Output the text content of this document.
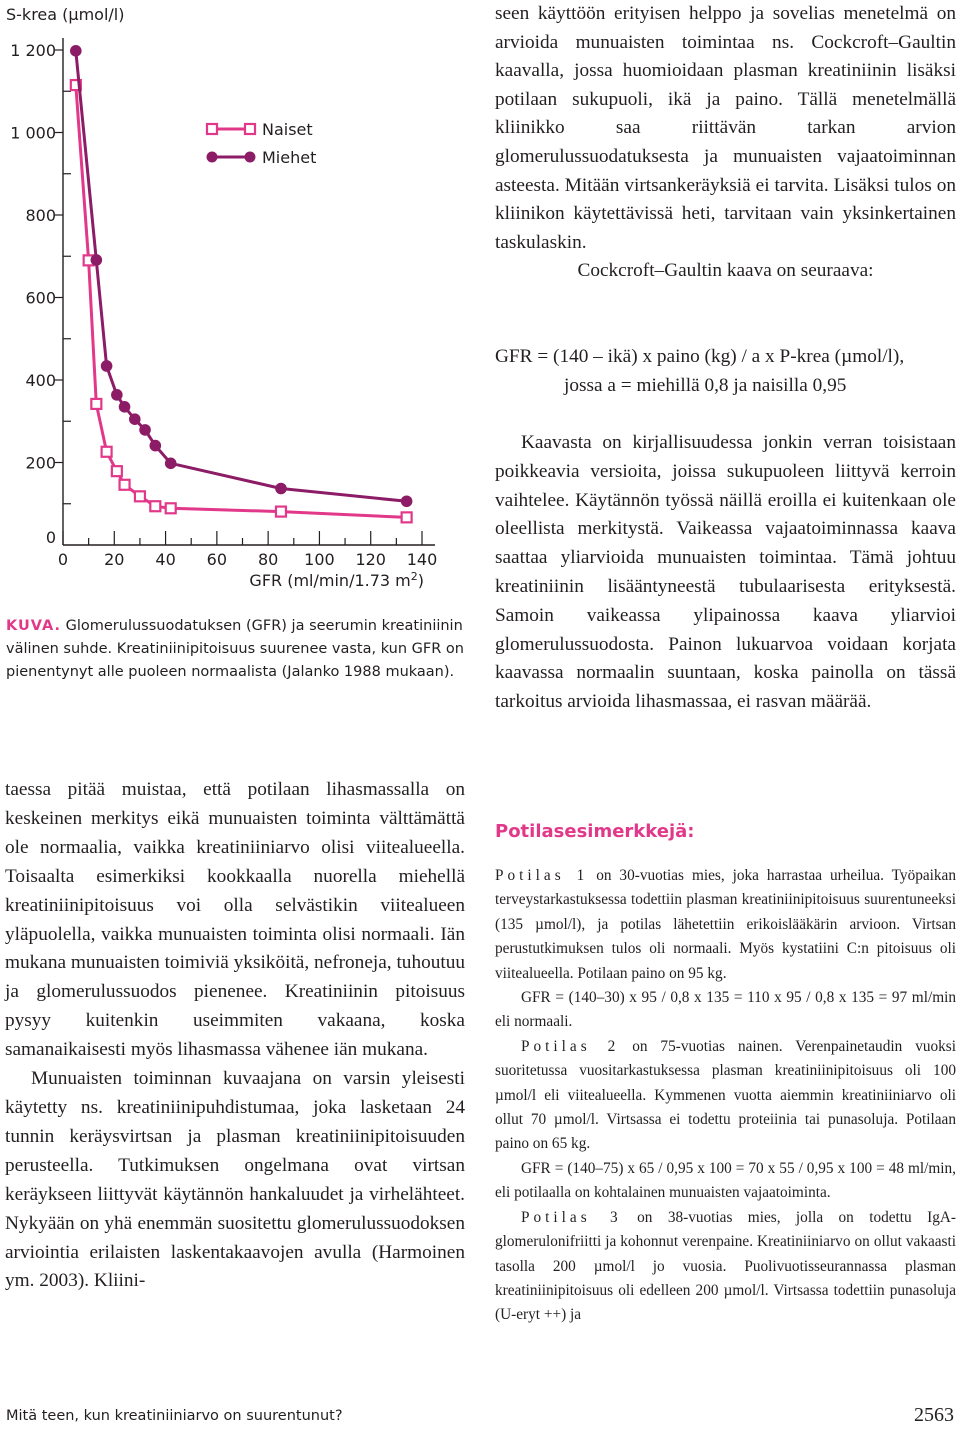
S-krea (µmol/l)
0
200
400
600
800
1 000
1 200
0 20 40 60 80 100 120 140
Naiset
Miehet
GFR (ml/min/1.73 $m^2$)
KUVA. Glomerulussuodatuksen (GFR) ja seerumin kreatiniinin välinen suhde. Kreatiniinipitoisuus suurenee vasta, kun GFR on pienentynyt alle puoleen normaalista (Jalanko 1988 mukaan).

taessa pitää muistaa, että potilaan lihasmassalla on keskeinen merkitys eikä munuaisten toiminta välttämättä ole normaalia, vaikka kreatiniiniarvo olisi viitealueella. Toisaalta esimerkiksi kookkaalla nuorella miehellä kreatiniinipitoisuus voi olla selvästikin viitealueen yläpuolella, vaikka munuaisten toiminta olisi normaali. Iän mukana munuaisten toimiviä yksiköitä, nefroneja, tuhoutuu ja glomerulussuodos pienenee. Kreatiniinin pitoisuus pysyy kuitenkin useimmiten vakaana, koska samanaikaisesti myös lihasmassa vähenee iän mukana.

Munuaisten toiminnan kuvaajana on varsin yleisesti käytetty ns. kreatiniinipuhdistumaa, joka lasketaan 24 tunnin keräysvirtsan ja plasman kreatiniinipitoisuuden perusteella. Tutkimuksen ongelmana ovat virtsan keräykseen liittyvät käytännön hankaluudet ja virhelähteet. Nykyään on yhä enemmän suositettu glomerulussuodoksen arviointia erilaisten laskentakaavojen avulla (Harmoinen ym. 2003). Kliini-

seen käyttöön erityisen helppo ja sovelias menetelmä on arvioida munuaisten toimintaa ns. Cockcroft–Gaultin kaavalla, jossa huomioidaan plasman kreatiniinin lisäksi potilaan sukupuoli, ikä ja paino. Tällä menetelmällä kliinikko saa riittävän tarkan arvion glomerulussuodatuksesta ja munuaisten vajaatoiminnan asteesta. Mitään virtsankeräyksiä ei tarvita. Lisäksi tulos on kliinikon käytettävissä heti, tarvitaan vain yksinkertainen taskulaskin.

Cockcroft–Gaultin kaava on seuraava:

GFR = (140 – ikä) x paino (kg) / a x P-krea (µmol/l),
jossa a = miehillä 0,8 ja naisilla 0,95

Kaavasta on kirjallisuudessa jonkin verran toisistaan poikkeavia versioita, joissa sukupuoleen liittyvä kerroin vaihtelee. Käytännön työssä näillä eroilla ei kuitenkaan ole oleellista merkitystä. Vaikeassa vajaatoiminnassa kaava saattaa yliarvioida munuaisten toimintaa. Tämä johtuu kreatiniinin lisääntyneestä tubulaarisesta erityksestä. Samoin vaikeassa ylipainossa kaava yliarvioi glomerulussuodosta. Painon lukuarvoa voidaan korjata kaavassa normaalin suuntaan, koska painolla on tässä tarkoitus arvioida lihasmassaa, ei rasvan määrää.

Potilasesimerkkejä:

Potilas 1 on 30-vuotias mies, joka harrastaa urheilua. Työpaikan terveystarkastuksessa todettiin plasman kreatiniinipitoisuus suurentuneeksi (135 µmol/l), ja potilas lähetettiin erikoislääkärin arvioon. Virtsan perustutkimuksen tulos oli normaali. Myös kystatiini C:n pitoisuus oli viitealueella. Potilaan paino on 95 kg.

GFR = (140–30) x 95 / 0,8 x 135 = 110 x 95 / 0,8 x 135 = 97 ml/min eli normaali.

Potilas 2 on 75-vuotias nainen. Verenpainetaudin vuoksi suoritetussa vuositarkastuksessa plasman kreatiniinipitoisuus oli 100 µmol/l eli viitealueella. Kymmenen vuotta aiemmin kreatiniiniarvo oli ollut 70 µmol/l. Virtsassa ei todettu proteiinia tai punasoluja. Potilaan paino on 65 kg.

GFR = (140–75) x 65 / 0,95 x 100 = 70 x 55 / 0,95 x 100 = 48 ml/min, eli potilaalla on kohtalainen munuaisten vajaatoiminta.

Potilas 3 on 38-vuotias mies, jolla on todettu IgA-glomerulonifriitti ja kohonnut verenpaine. Kreatiniiniarvo on ollut vakaasti tasolla 200 µmol/l jo vuosia. Puolivuotisseurannassa plasman kreatiniinipitoisuus oli edelleen 200 µmol/l. Virtsassa todettiin punasoluja (U-eryt ++) ja

Mitä teen, kun kreatiniiniarvo on suurentunut?	2563
